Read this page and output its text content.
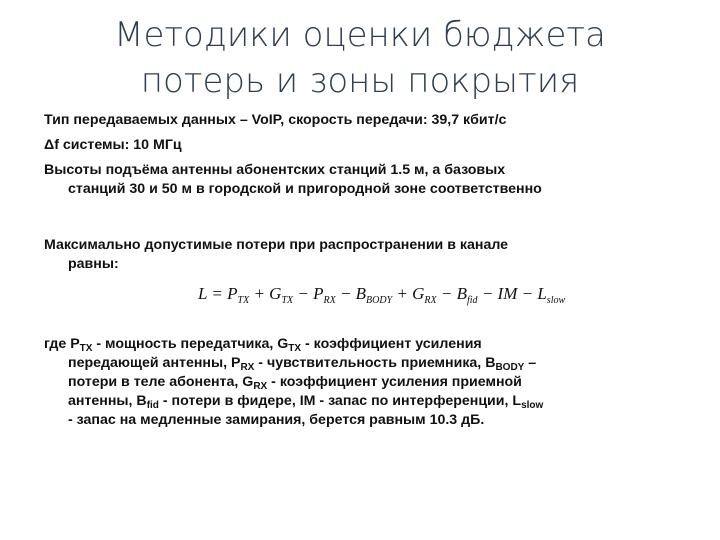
Методики оценки бюджета
потерь и зоны покрытия
Тип передаваемых данных – VoIP, скорость передачи: 39,7 кбит/с
Δf системы: 10 МГц
Высоты подъёма антенны абонентских станций 1.5 м, а базовых
станций 30 и 50 м в городской и пригородной зоне соответственно
Максимально допустимые потери при распространении в канале
равны:
$L = P_{TX} + G_{TX} - P_{RX} - B_{BODY} + G_{RX} - B_{fid}$ − IM − $L_{slow}$
где $P_{TX}$ - мощность передатчика, $G_{TX}$ - коэффициент усиления
передающей антенны, $P_{RX}$ - чувствительность приемника, $B_{BODY}$ –
потери в теле абонента, $G_{RX}$ - коэффициент усиления приемной
антенны, $B_{fid}$ - потери в фидере, IM - запас по интерференции, $L_{slow}$
- запас на медленные замирания, берется равным 10.3 дБ.
